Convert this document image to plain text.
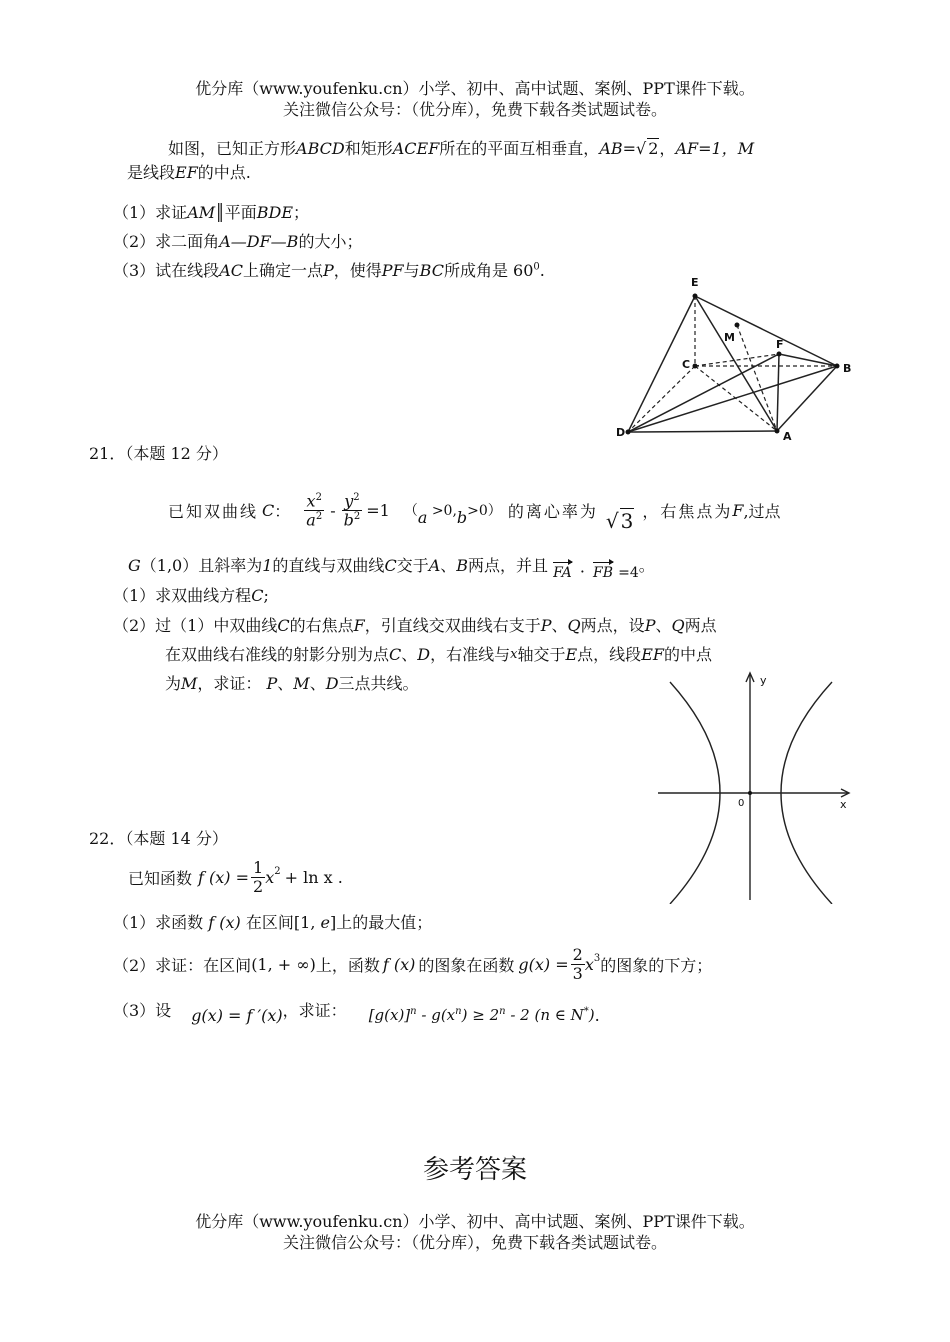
优分库（www.youfenku.cn）小学、初中、高中试题、案例、PPT课件下载。
关注微信公众号：（优分库），免费下载各类试题试卷。
如图，已知正方形ABCD和矩形ACEF所在的平面互相垂直，AB=√ 2，AF=1，M
是线段EF的中点.
（1）求证AM║平面BDE；
（2）求二面角A—DF—B的大小；
（3）试在线段AC上确定一点P，使得PF与BC所成角是 $60^0$.
E
M
F
C	B
D	A
21．（本题 12 分）
已知双曲线 C ： $\frac{x^2}{a^2} - \frac{y^2}{b^2} =1$ （a >0,b>0） 的离心率为 √ 3 ，右焦点为 F ,过点
G（1,0）且斜率为1的直线与双曲线C交于A、B两点，并且 FA · FB =4。
（1）求双曲线方程C;
（2）过（1）中双曲线C的右焦点F，引直线交双曲线右支于P、Q两点，设P、Q两点
在双曲线右准线的射影分别为点C、D，右准线与x轴交于E点，线段EF的中点
为M，求证： P、M、D三点共线。	y
x
0
22．（本题 14 分）
已知函数 f $(x) = \frac{1}{2} x^2 + \ln x$ .
（1）求函数 f (x) 在区间[1, e]上的最大值；
（2）求证：在区间 (1, + ∞) 上，函数 f (x) 的图象在函数 $g(x) = \frac{2}{3} x^3$ 的图象的下方；
（3）设 g(x) = f ′(x) ，求证： $[g(x)]^n - g(x^n) \ge 2^n - 2$ (n ∈ N*) .
参考答案
优分库（www.youfenku.cn）小学、初中、高中试题、案例、PPT课件下载。
关注微信公众号：（优分库），免费下载各类试题试卷。
